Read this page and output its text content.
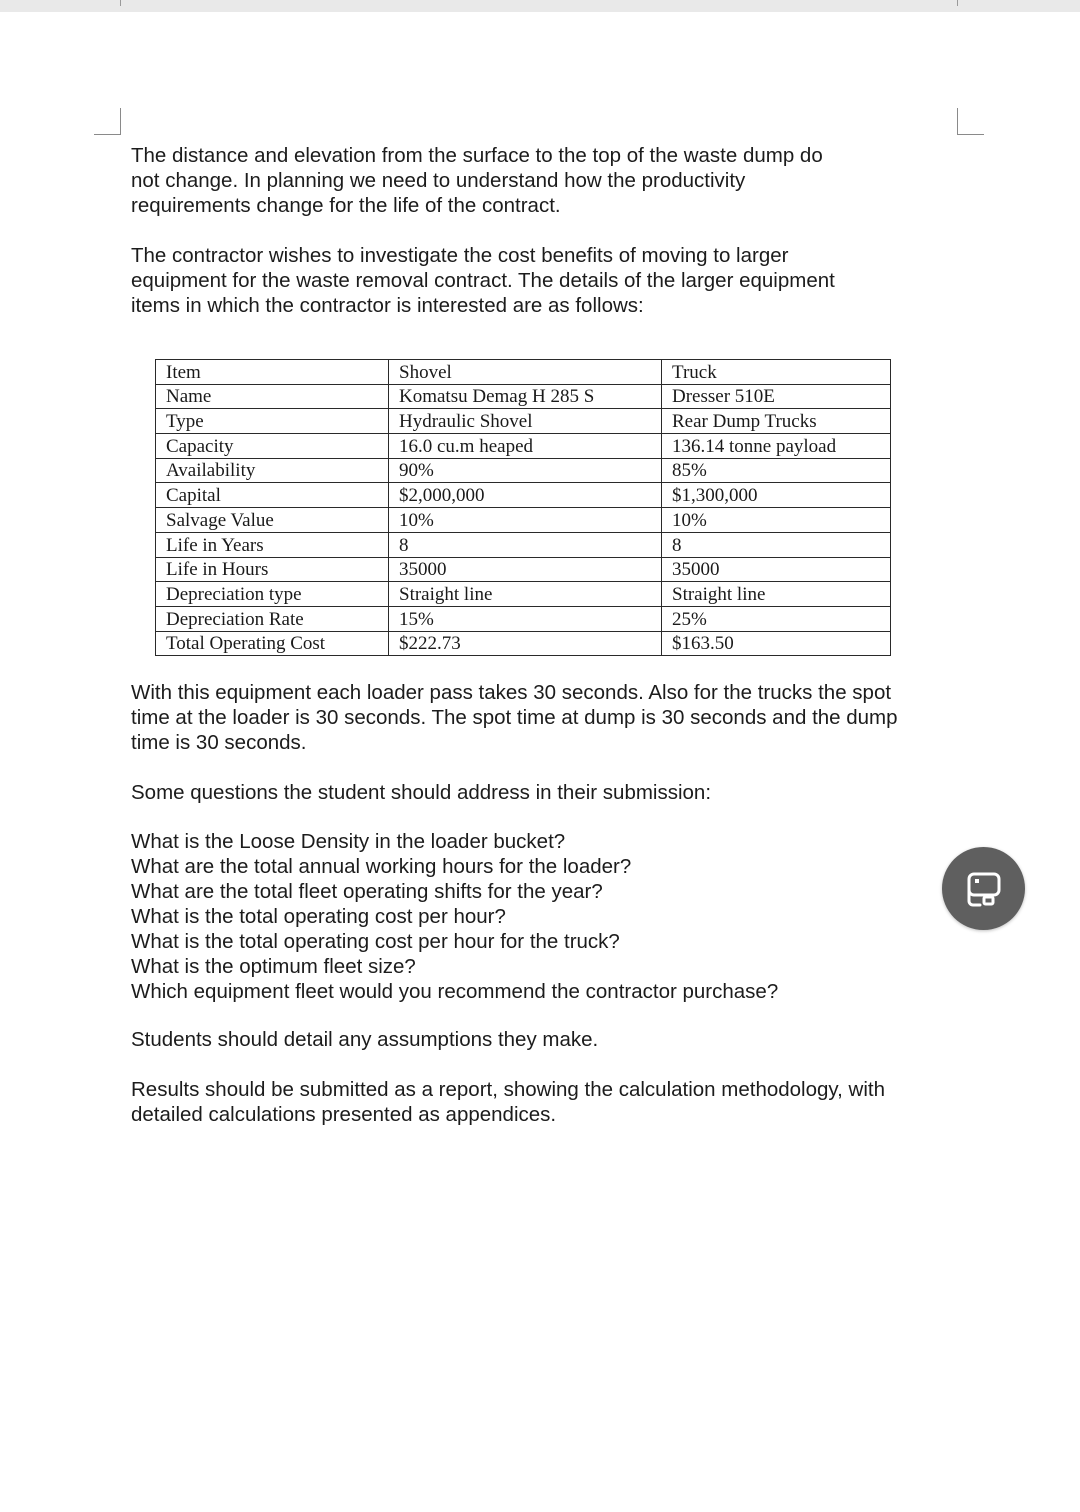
The distance and elevation from the surface to the top of the waste dump do
not change. In planning we need to understand how the productivity
requirements change for the life of the contract.

The contractor wishes to investigate the cost benefits of moving to larger
equipment for the waste removal contract. The details of the larger equipment
items in which the contractor is interested are as follows:

Item	Shovel	Truck
Name	Komatsu Demag H 285 S	Dresser 510E
Type	Hydraulic Shovel	Rear Dump Trucks
Capacity	16.0 cu.m heaped	136.14 tonne payload
Availability	90%	85%
Capital	$2,000,000	$1,300,000
Salvage Value	10%	10%
Life in Years	8	8
Life in Hours	35000	35000
Depreciation type	Straight line	Straight line
Depreciation Rate	15%	25%
Total Operating Cost	$222.73	$163.50

With this equipment each loader pass takes 30 seconds. Also for the trucks the spot
time at the loader is 30 seconds. The spot time at dump is 30 seconds and the dump
time is 30 seconds.

Some questions the student should address in their submission:

What is the Loose Density in the loader bucket?
What are the total annual working hours for the loader?
What are the total fleet operating shifts for the year?
What is the total operating cost per hour?
What is the total operating cost per hour for the truck?
What is the optimum fleet size?
Which equipment fleet would you recommend the contractor purchase?

Students should detail any assumptions they make.

Results should be submitted as a report, showing the calculation methodology, with
detailed calculations presented as appendices.
